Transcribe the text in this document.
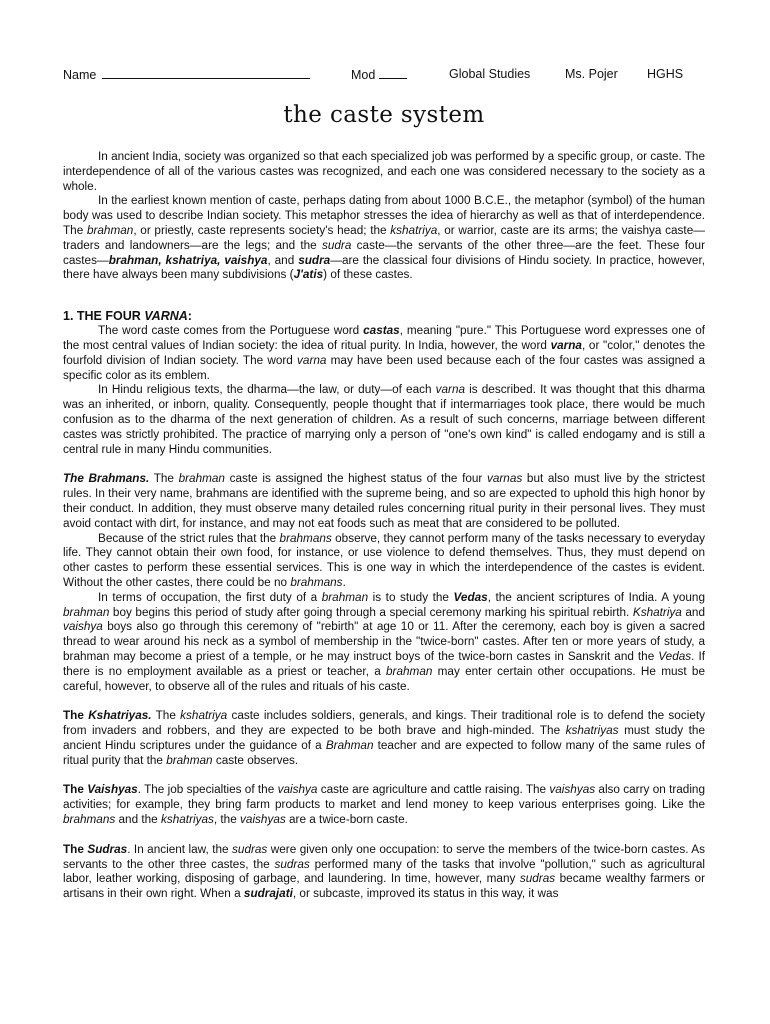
Name	Mod	Global Studies	Ms. Pojer HGHS
the caste system

In ancient India, society was organized so that each specialized job was performed by a specific group, or caste. The interdependence of all of the various castes was recognized, and each one was considered necessary to the society as a whole.

In the earliest known mention of caste, perhaps dating from about 1000 B.C.E., the metaphor (symbol) of the human body was used to describe Indian society. This metaphor stresses the idea of hierarchy as well as that of interdependence. The brahman, or priestly, caste represents society's head; the kshatriya, or warrior, caste are its arms; the vaishya caste—traders and landowners—are the legs; and the sudra caste—the servants of the other three—are the feet. These four castes—brahman, kshatriya, vaishya, and sudra—are the classical four divisions of Hindu society. In practice, however, there have always been many subdivisions (J'atis) of these castes.

1. THE FOUR VARNA:

The word caste comes from the Portuguese word castas, meaning "pure." This Portuguese word expresses one of the most central values of Indian society: the idea of ritual purity. In India, however, the word varna, or "color," denotes the fourfold division of Indian society. The word varna may have been used because each of the four castes was assigned a specific color as its emblem.

In Hindu religious texts, the dharma—the law, or duty—of each varna is described. It was thought that this dharma was an inherited, or inborn, quality. Consequently, people thought that if intermarriages took place, there would be much confusion as to the dharma of the next generation of children. As a result of such concerns, marriage between different castes was strictly prohibited. The practice of marrying only a person of "one's own kind" is called endogamy and is still a central rule in many Hindu communities.

The Brahmans. The brahman caste is assigned the highest status of the four varnas but also must live by the strictest rules. In their very name, brahmans are identified with the supreme being, and so are expected to uphold this high honor by their conduct. In addition, they must observe many detailed rules concerning ritual purity in their personal lives. They must avoid contact with dirt, for instance, and may not eat foods such as meat that are considered to be polluted.

Because of the strict rules that the brahmans observe, they cannot perform many of the tasks necessary to everyday life. They cannot obtain their own food, for instance, or use violence to defend themselves. Thus, they must depend on other castes to perform these essential services. This is one way in which the interdependence of the castes is evident. Without the other castes, there could be no brahmans.

In terms of occupation, the first duty of a brahman is to study the Vedas, the ancient scriptures of India. A young brahman boy begins this period of study after going through a special ceremony marking his spiritual rebirth. Kshatriya and vaishya boys also go through this ceremony of "rebirth" at age 10 or 11. After the ceremony, each boy is given a sacred thread to wear around his neck as a symbol of membership in the "twice-born" castes. After ten or more years of study, a brahman may become a priest of a temple, or he may instruct boys of the twice-born castes in Sanskrit and the Vedas. If there is no employment available as a priest or teacher, a brahman may enter certain other occupations. He must be careful, however, to observe all of the rules and rituals of his caste.

The Kshatriyas. The kshatriya caste includes soldiers, generals, and kings. Their traditional role is to defend the society from invaders and robbers, and they are expected to be both brave and high-minded. The kshatriyas must study the ancient Hindu scriptures under the guidance of a Brahman teacher and are expected to follow many of the same rules of ritual purity that the brahman caste observes.

The Vaishyas. The job specialties of the vaishya caste are agriculture and cattle raising. The vaishyas also carry on trading activities; for example, they bring farm products to market and lend money to keep various enterprises going. Like the brahmans and the kshatriyas, the vaishyas are a twice-born caste.

The Sudras. In ancient law, the sudras were given only one occupation: to serve the members of the twice-born castes. As servants to the other three castes, the sudras performed many of the tasks that involve "pollution," such as agricultural labor, leather working, disposing of garbage, and laundering. In time, however, many sudras became wealthy farmers or artisans in their own right. When a sudrajati, or subcaste, improved its status in this way, it was
